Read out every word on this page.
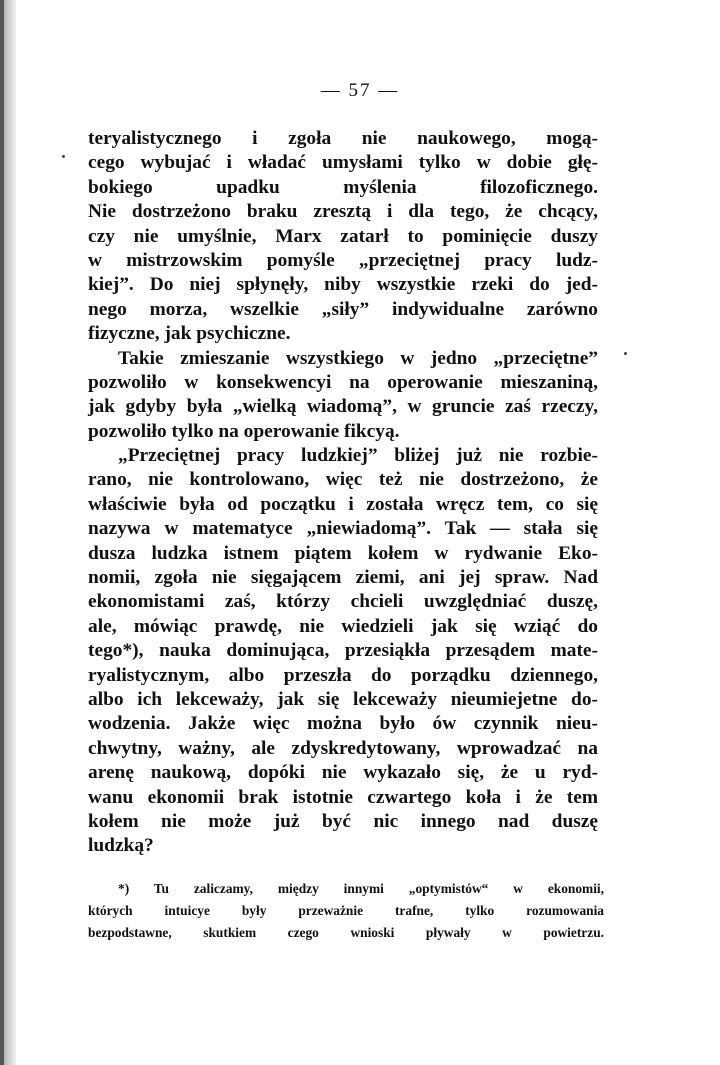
— 57 —
teryalistycznego i zgoła nie naukowego, mogą-
cego wybujać i władać umysłami tylko w dobie głę-
bokiego upadku myślenia filozoficznego.
Nie dostrzeżono braku zresztą i dla tego, że chcący,
czy nie umyślnie, Marx zatarł to pominięcie duszy
w mistrzowskim pomyśle „przeciętnej pracy ludz-
kiej”. Do niej spłynęły, niby wszystkie rzeki do jed-
nego morza, wszelkie „siły” indywidualne zarówno
fizyczne, jak psychiczne.
Takie zmieszanie wszystkiego w jedno „przeciętne”
pozwoliło w konsekwencyi na operowanie mieszaniną,
jak gdyby była „wielką wiadomą”, w gruncie zaś rzeczy,
pozwoliło tylko na operowanie fikcyą.
„Przeciętnej pracy ludzkiej” bliżej już nie rozbie-
rano, nie kontrolowano, więc też nie dostrzeżono, że
właściwie była od początku i została wręcz tem, co się
nazywa w matematyce „niewiadomą”. Tak — stała się
dusza ludzka istnem piątem kołem w rydwanie Eko-
nomii, zgoła nie sięgającem ziemi, ani jej spraw. Nad
ekonomistami zaś, którzy chcieli uwzględniać duszę,
ale, mówiąc prawdę, nie wiedzieli jak się wziąć do
tego*), nauka dominująca, przesiąkła przesądem mate-
ryalistycznym, albo przeszła do porządku dziennego,
albo ich lekceważy, jak się lekceważy nieumiejetne do-
wodzenia. Jakże więc można było ów czynnik nieu-
chwytny, ważny, ale zdyskredytowany, wprowadzać na
arenę naukową, dopóki nie wykazało się, że u ryd-
wanu ekonomii brak istotnie czwartego koła i że tem
kołem nie może już być nic innego nad duszę
ludzką?
*) Tu zaliczamy, między innymi „optymistów“ w ekonomii,
których intuicye były przeważnie trafne, tylko rozumowania
bezpodstawne, skutkiem czego wnioski pływały w powietrzu.
